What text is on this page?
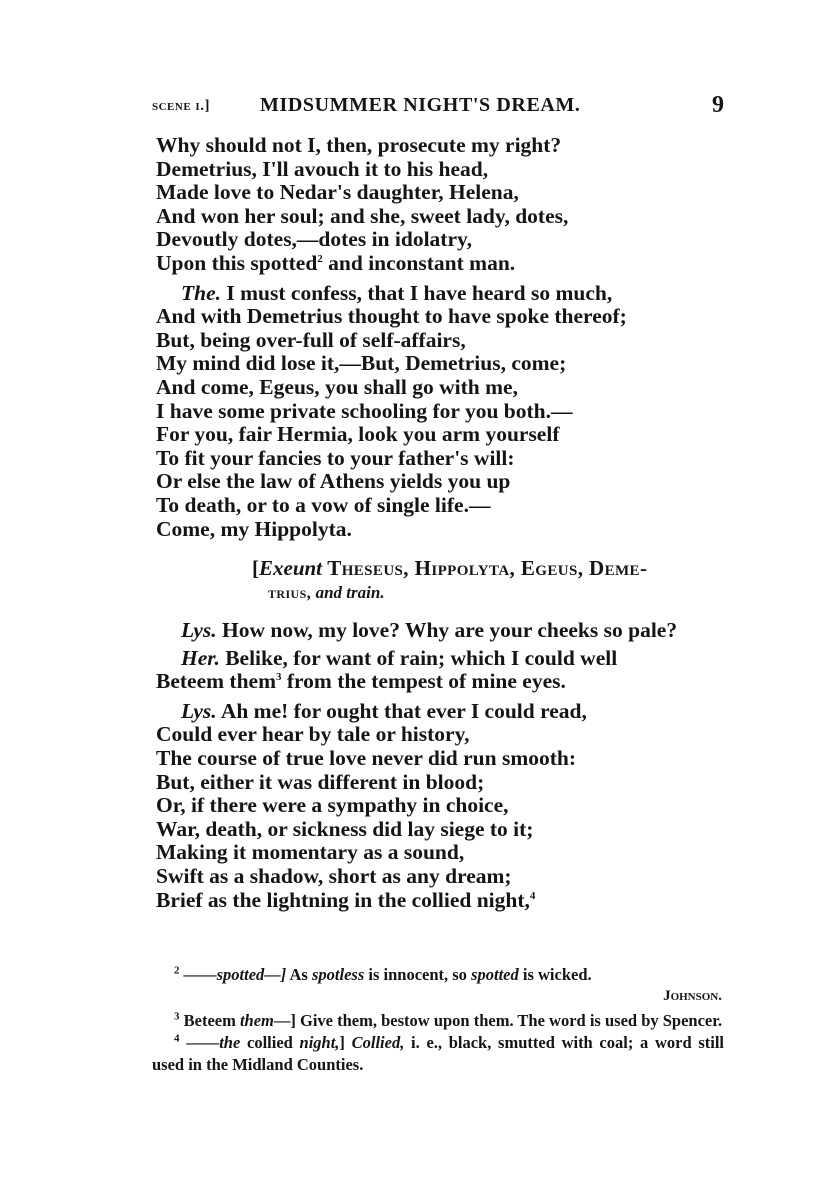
scene i.]	MIDSUMMER NIGHT'S DREAM.	9
Why should not I, then, prosecute my right?
Demetrius, I'll avouch it to his head,
Made love to Nedar's daughter, Helena,
And won her soul; and she, sweet lady, dotes,
Devoutly dotes,—dotes in idolatry,
Upon this spotted$^2$ and inconstant man.
The. I must confess, that I have heard so much,
And with Demetrius thought to have spoke thereof;
But, being over-full of self-affairs,
My mind did lose it,—But, Demetrius, come;
And come, Egeus, you shall go with me,
I have some private schooling for you both.—
For you, fair Hermia, look you arm yourself
To fit your fancies to your father's will:
Or else the law of Athens yields you up
To death, or to a vow of single life.—
Come, my Hippolyta.
[Exeunt Theseus, Hippolyta, Egeus, Deme-
trius, and train.
Lys. How now, my love? Why are your cheeks so pale?
Her. Belike, for want of rain; which I could well
Beteem them$^3$ from the tempest of mine eyes.
Lys. Ah me! for ought that ever I could read,
Could ever hear by tale or history,
The course of true love never did run smooth:
But, either it was different in blood;
Or, if there were a sympathy in choice,
War, death, or sickness did lay siege to it;
Making it momentary as a sound,
Swift as a shadow, short as any dream;
Brief as the lightning in the collied night,$^4$
$^2$ ——spotted—] As spotless is innocent, so spotted is wicked.
Johnson.
$^3$ Beteem them—] Give them, bestow upon them. The word is used by Spencer.
$^4$ ——the collied night,] Collied, i. e., black, smutted with coal; a word still used in the Midland Counties.
